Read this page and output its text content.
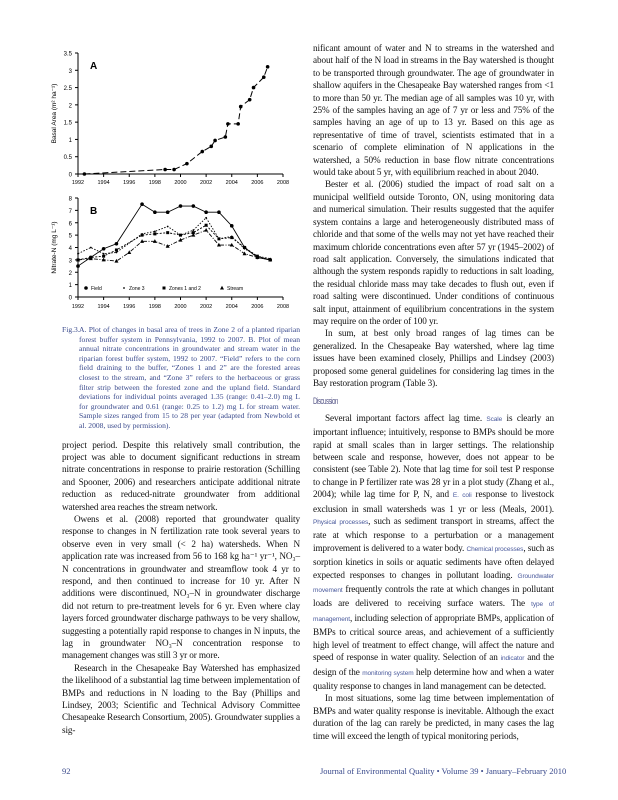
0
0.5
1
1.5
2
2.5
3
3.5
1992 1994 1996 1998 2000 2002 2004 2006 2008
Basal Area (m² ha⁻¹)
A
0
1
2
3
4
5
6
7
8
1992 1994 1996 1998 2000 2002 2004 2006 2008
Nitrate-N (mg L⁻¹)
B
Field	Zone 3	Zones 1 and 2	Stream
Fig.3. A. Plot of changes in basal area of trees in Zone 2 of a planted riparian forest buffer system in Pennsylvania, 1992 to 2007. B. Plot of mean annual nitrate concentrations in groundwater and stream water in the riparian forest buffer system, 1992 to 2007. “Field” refers to the corn field draining to the buffer, “Zones 1 and 2” are the forested areas closest to the stream, and “Zone 3” refers to the herbaceous or grass filter strip between the forested zone and the upland field. Standard deviations for individual points averaged 1.35 (range: 0.41–2.0) mg L for groundwater and 0.61 (range: 0.25 to 1.2) mg L for stream water. Sample sizes ranged from 15 to 28 per year (adapted from Newbold et al. 2008, used by permission).

project period. Despite this relatively small contribution, the project was able to document significant reductions in stream nitrate concentrations in response to prairie restoration (Schilling and Spooner, 2006) and researchers anticipate additional nitrate reduction as reduced-nitrate groundwater from additional watershed area reaches the stream network.

Owens et al. (2008) reported that groundwater quality response to changes in N fertilization rate took several years to observe even in very small (< 2 ha) watersheds. When N application rate was increased from 56 to 168 kg ha⁻¹ yr⁻¹, NO₃–N concentrations in groundwater and streamflow took 4 yr to respond, and then continued to increase for 10 yr. After N additions were discontinued, NO₃–N in groundwater discharge did not return to pre-treatment levels for 6 yr. Even where clay layers forced groundwater discharge pathways to be very shallow, suggesting a potentially rapid response to changes in N inputs, the lag in groundwater NO₃–N concentration response to management changes was still 3 yr or more.

Research in the Chesapeake Bay Watershed has emphasized the likelihood of a substantial lag time between implementation of BMPs and reductions in N loading to the Bay (Phillips and Lindsey, 2003; Scientific and Technical Advisory Committee Chesapeake Research Consortium, 2005). Groundwater supplies a sig-

nificant amount of water and N to streams in the watershed and about half of the N load in streams in the Bay watershed is thought to be transported through groundwater. The age of groundwater in shallow aquifers in the Chesapeake Bay watershed ranges from <1 to more than 50 yr. The median age of all samples was 10 yr, with 25% of the samples having an age of 7 yr or less and 75% of the samples having an age of up to 13 yr. Based on this age as representative of time of travel, scientists estimated that in a scenario of complete elimination of N applications in the watershed, a 50% reduction in base flow nitrate concentrations would take about 5 yr, with equilibrium reached in about 2040.

Bester et al. (2006) studied the impact of road salt on a municipal wellfield outside Toronto, ON, using monitoring data and numerical simulation. Their results suggested that the aquifer system contains a large and heterogeneously distributed mass of chloride and that some of the wells may not yet have reached their maximum chloride concentrations even after 57 yr (1945–2002) of road salt application. Conversely, the simulations indicated that although the system responds rapidly to reductions in salt loading, the residual chloride mass may take decades to flush out, even if road salting were discontinued. Under conditions of continuous salt input, attainment of equilibrium concentrations in the system may require on the order of 100 yr.

In sum, at best only broad ranges of lag times can be generalized. In the Chesapeake Bay watershed, where lag time issues have been examined closely, Phillips and Lindsey (2003) proposed some general guidelines for considering lag times in the Bay restoration program (Table 3).

Discussion

Several important factors affect lag time. Scale is clearly an important influence; intuitively, response to BMPs should be more rapid at small scales than in larger settings. The relationship between scale and response, however, does not appear to be consistent (see Table 2). Note that lag time for soil test P response to change in P fertilizer rate was 28 yr in a plot study (Zhang et al., 2004); while lag time for P, N, and E. coli response to livestock exclusion in small watersheds was 1 yr or less (Meals, 2001). Physical processes, such as sediment transport in streams, affect the rate at which response to a perturbation or a management improvement is delivered to a water body. Chemical processes, such as sorption kinetics in soils or aquatic sediments have often delayed expected responses to changes in pollutant loading. Groundwater movement frequently controls the rate at which changes in pollutant loads are delivered to receiving surface waters. The type of management, including selection of appropriate BMPs, application of BMPs to critical source areas, and achievement of a sufficiently high level of treatment to effect change, will affect the nature and speed of response in water quality. Selection of an indicator and the design of the monitoring system help determine how and when a water quality response to changes in land management can be detected.

In most situations, some lag time between implementation of BMPs and water quality response is inevitable. Although the exact duration of the lag can rarely be predicted, in many cases the lag time will exceed the length of typical monitoring periods,

92	Journal of Environmental Quality • Volume 39 • January–February 2010
